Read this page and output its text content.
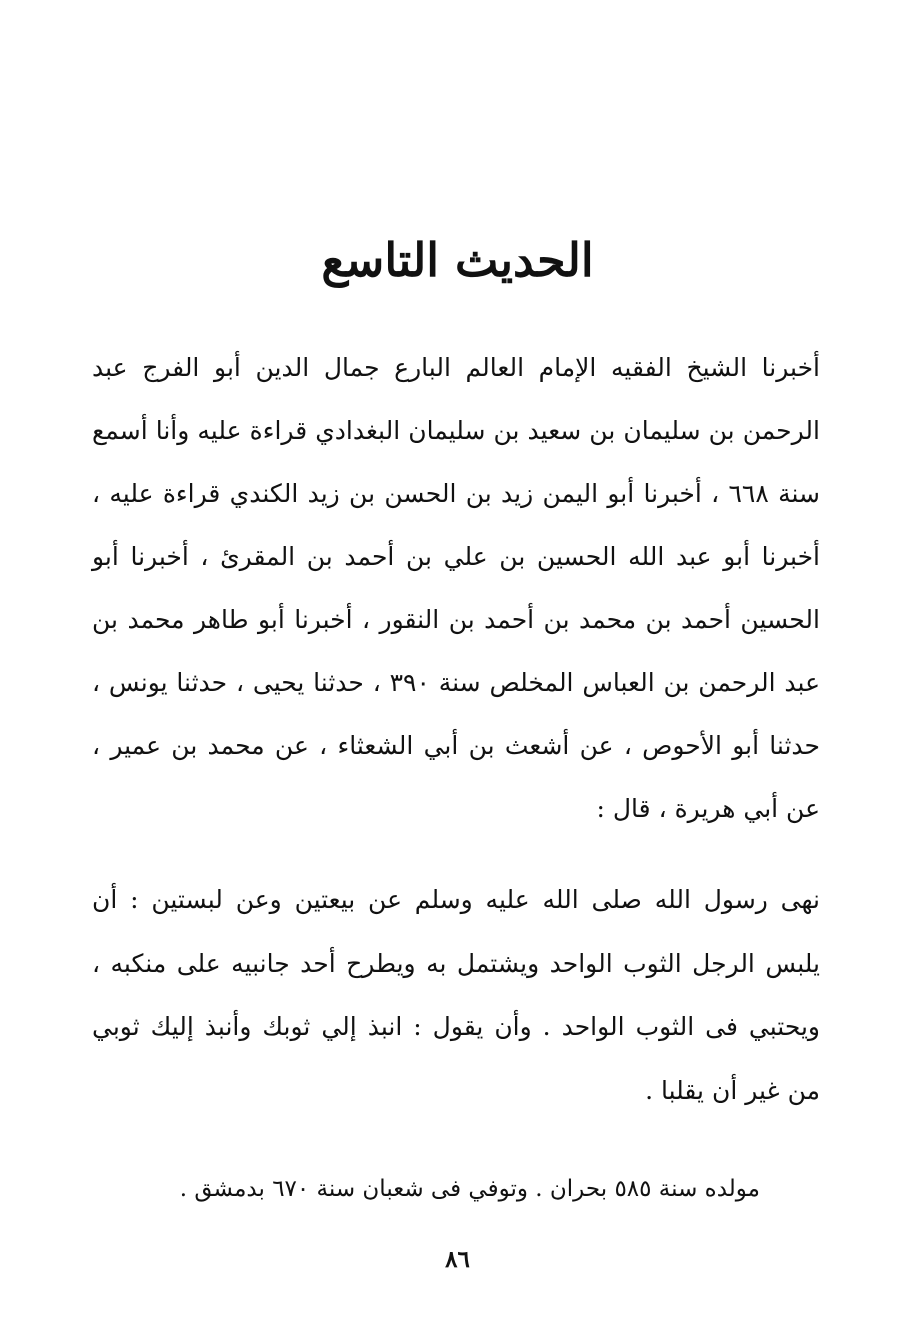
الحديث التاسع
أخبرنا الشيخ الفقيه الإمام العالم البارع جمال الدين أبو الفرج عبد الرحمن بن سليمان بن سعيد بن سليمان البغدادي قراءة عليه وأنا أسمع سنة ٦٦٨ ، أخبرنا أبو اليمن زيد بن الحسن بن زيد الكندي قراءة عليه ، أخبرنا أبو عبد الله الحسين بن علي بن أحمد بن المقرئ ، أخبرنا أبو الحسين أحمد بن محمد بن أحمد بن النقور ، أخبرنا أبو طاهر محمد بن عبد الرحمن بن العباس المخلص سنة ٣٩٠ ، حدثنا يحيى ، حدثنا يونس ، حدثنا أبو الأحوص ، عن أشعث بن أبي الشعثاء ، عن محمد بن عمير ، عن أبي هريرة ، قال :
نهى رسول الله صلى الله عليه وسلم عن بيعتين وعن لبستين : أن يلبس الرجل الثوب الواحد ويشتمل به ويطرح أحد جانبيه على منكبه ، ويحتبي فى الثوب الواحد . وأن يقول : انبذ إلي ثوبك وأنبذ إليك ثوبي من غير أن يقلبا .
مولده سنة ٥٨٥ بحران . وتوفي فى شعبان سنة ٦٧٠ بدمشق .
٨٦
